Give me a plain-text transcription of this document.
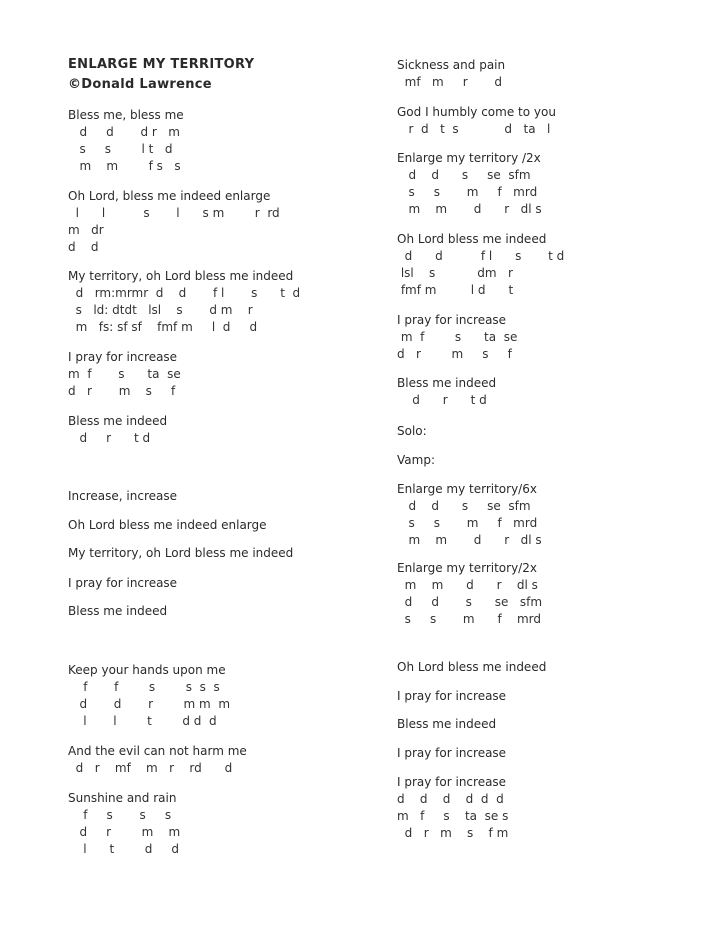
ENLARGE MY TERRITORY
©Donald Lawrence
Bless me, bless me
d     d       d r   m
s     s        l t   d
m    m        f s   s
Oh Lord, bless me indeed enlarge
l      l          s       l      s m        r  rd
m   dr
d    d
My territory, oh Lord bless me indeed
d   rm:mrmr  d    d       f l       s      t  d
s   ld: dtdt   lsl    s       d m    r
m   fs: sf sf    fmf m     l  d     d
I pray for increase
m  f       s      ta  se
d   r       m    s     f
Bless me indeed
d     r      t d
Increase, increase
Oh Lord bless me indeed enlarge
My territory, oh Lord bless me indeed
I pray for increase
Bless me indeed
Keep your hands upon me
f       f        s        s  s  s
d       d       r        m m  m
l       l        t        d d  d
And the evil can not harm me
d   r    mf    m   r    rd      d
Sunshine and rain
f     s       s     s
d     r        m    m
l      t        d     d
Sickness and pain
mf   m     r       d
God I humbly come to you
r  d   t  s            d   ta   l
Enlarge my territory /2x
d    d      s     se  sfm
s     s       m     f   mrd
m    m       d      r   dl s
Oh Lord bless me indeed
d      d          f l      s       t d
lsl    s           dm   r
fmf m         l d      t
I pray for increase
m  f        s      ta  se
d   r        m     s     f
Bless me indeed
d      r      t d
Solo:
Vamp:
Enlarge my territory/6x
d    d      s     se  sfm
s     s       m     f   mrd
m    m       d      r   dl s
Enlarge my territory/2x
m    m      d      r    dl s
d     d       s      se   sfm
s     s       m      f    mrd
Oh Lord bless me indeed
I pray for increase
Bless me indeed
I pray for increase
I pray for increase
d    d    d    d  d  d
m   f     s    ta  se s
d   r   m    s    f m
